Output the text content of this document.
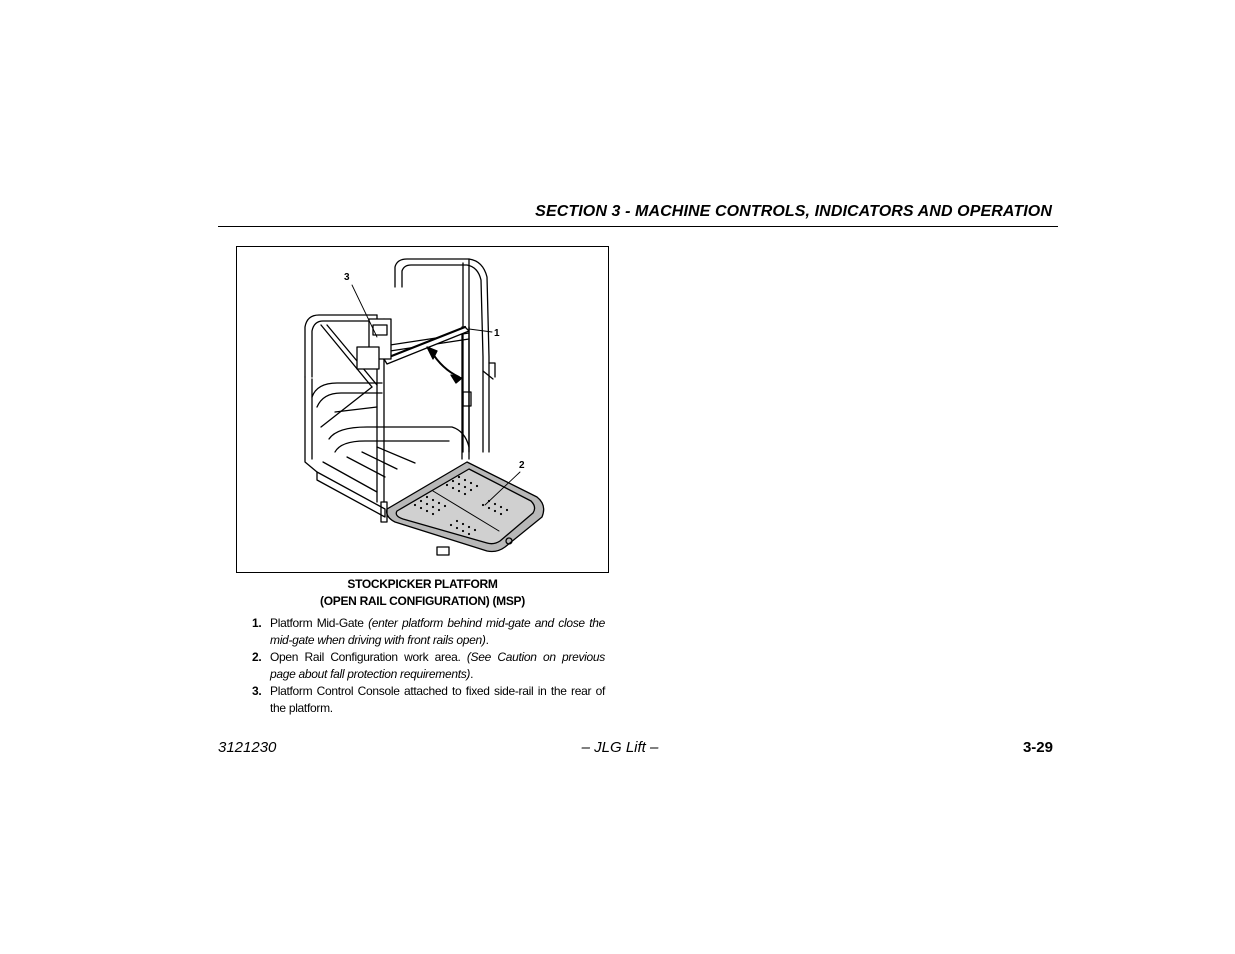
SECTION 3 - MACHINE CONTROLS, INDICATORS AND OPERATION
3
1
2
STOCKPICKER PLATFORM
(OPEN RAIL CONFIGURATION) (MSP)
1. Platform Mid-Gate (enter platform behind mid-gate and close the mid-gate when driving with front rails open).
2. Open Rail Configuration work area. (See Caution on previous page about fall protection requirements).
3. Platform Control Console attached to fixed side-rail in the rear of the platform.
3121230	– JLG Lift –	3-29
